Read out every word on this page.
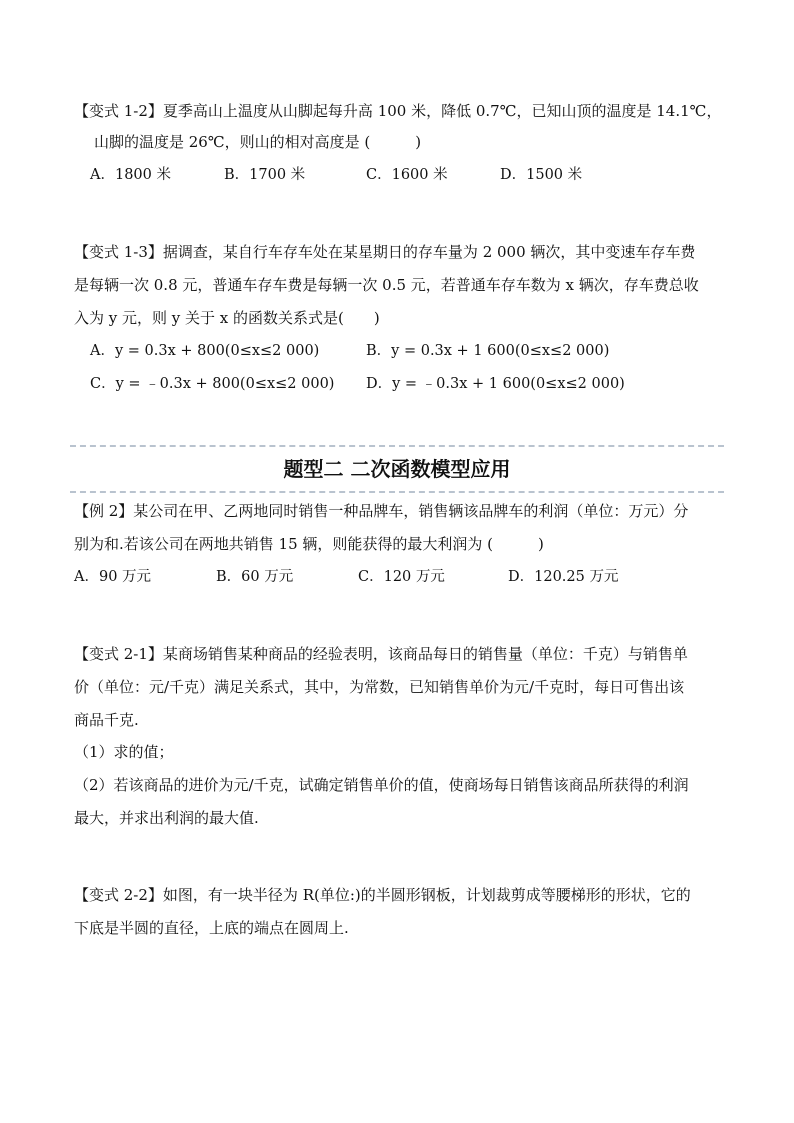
【变式 1-2】夏季高山上温度从山脚起每升高 100 米，降低 0.7℃，已知山顶的温度是 14.1℃，
山脚的温度是 26℃，则山的相对高度是 (　　　)
A．1800 米	B．1700 米	C．1600 米	D．1500 米
【变式 1-3】据调查，某自行车存车处在某星期日的存车量为 2 000 辆次，其中变速车存车费
是每辆一次 0.8 元，普通车存车费是每辆一次 0.5 元，若普通车存车数为 x 辆次，存车费总收
入为 y 元，则 y 关于 x 的函数关系式是(　　)
A．y = 0.3x + 800(0≤x≤2 000)	B．y = 0.3x + 1 600(0≤x≤2 000)
C．y = ﹣0.3x + 800(0≤x≤2 000) D．y = ﹣0.3x + 1 600(0≤x≤2 000)
题型二 二次函数模型应用
【例 2】某公司在甲、乙两地同时销售一种品牌车，销售辆该品牌车的利润（单位：万元）分
别为和.若该公司在两地共销售 15 辆，则能获得的最大利润为 (　　　)
A．90 万元	B．60 万元	C．120 万元	D．120.25 万元
【变式 2-1】某商场销售某种商品的经验表明，该商品每日的销售量（单位：千克）与销售单
价（单位：元/千克）满足关系式，其中，为常数，已知销售单价为元/千克时，每日可售出该
商品千克.
（1）求的值；
（2）若该商品的进价为元/千克，试确定销售单价的值，使商场每日销售该商品所获得的利润
最大，并求出利润的最大值.
【变式 2-2】如图，有一块半径为 R(单位:)的半圆形钢板，计划裁剪成等腰梯形的形状，它的
下底是半圆的直径，上底的端点在圆周上.
